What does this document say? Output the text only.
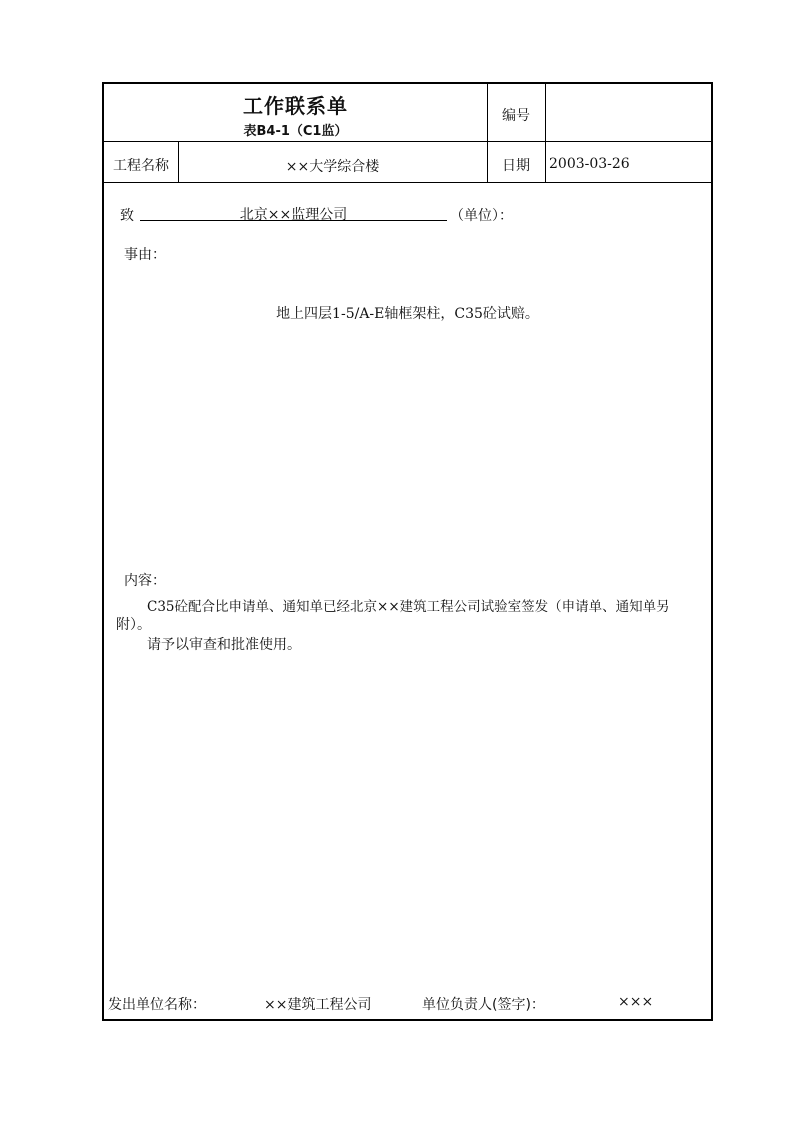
工作联系单
表B4-1（C1监）
编号
工程名称	××大学综合楼	日期	2003-03-26
致	北京××监理公司	（单位）：
事由：
地上四层1-5/A-E轴框架柱，C35砼试赔。
内容：
C35砼配合比申请单、通知单已经北京××建筑工程公司试验室签发（申请单、通知单另
附）。
请予以审查和批准使用。
发出单位名称：	××建筑工程公司	单位负责人(签字)：	×××
